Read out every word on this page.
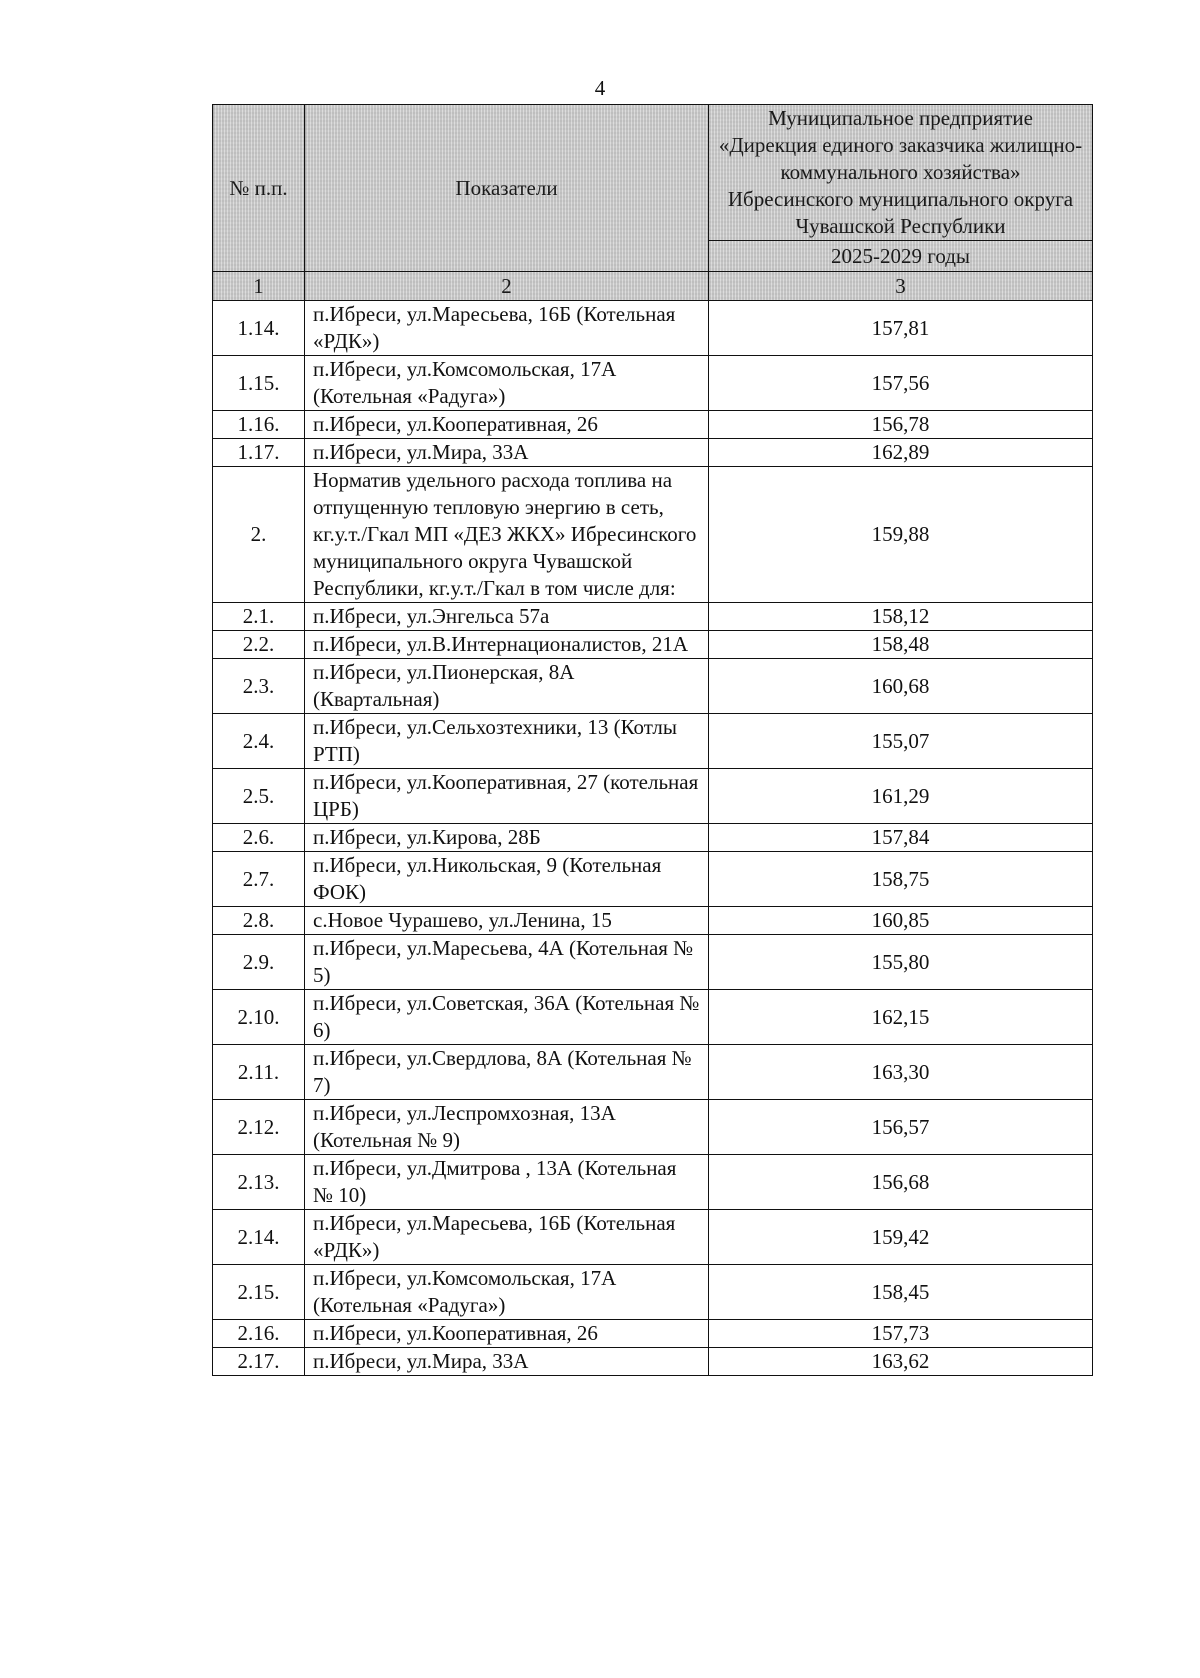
4
№ п.п.	Показатели	Муниципальное предприятие «Дирекция единого заказчика жилищно-коммунального хозяйства» Ибресинского муниципального округа Чувашской Республики
		2025-2029 годы
1	2	3
1.14.	п.Ибреси, ул.Маресьева, 16Б (Котельная «РДК»)	157,81
1.15.	п.Ибреси, ул.Комсомольская, 17А (Котельная «Радуга»)	157,56
1.16.	п.Ибреси, ул.Кооперативная, 26	156,78
1.17.	п.Ибреси, ул.Мира, 33А	162,89
2.	Норматив удельного расхода топлива на отпущенную тепловую энергию в сеть, кг.у.т./Гкал МП «ДЕЗ ЖКХ» Ибресинского муниципального округа Чувашской Республики, кг.у.т./Гкал в том числе для:	159,88
2.1.	п.Ибреси, ул.Энгельса 57а	158,12
2.2.	п.Ибреси, ул.В.Интернационалистов, 21А	158,48
2.3.	п.Ибреси, ул.Пионерская, 8А (Квартальная)	160,68
2.4.	п.Ибреси, ул.Сельхозтехники, 13 (Котлы РТП)	155,07
2.5.	п.Ибреси, ул.Кооперативная, 27 (котельная ЦРБ)	161,29
2.6.	п.Ибреси, ул.Кирова, 28Б	157,84
2.7.	п.Ибреси, ул.Никольская, 9 (Котельная ФОК)	158,75
2.8.	с.Новое Чурашево, ул.Ленина, 15	160,85
2.9.	п.Ибреси, ул.Маресьева, 4А (Котельная № 5)	155,80
2.10.	п.Ибреси, ул.Советская, 36А (Котельная № 6)	162,15
2.11.	п.Ибреси, ул.Свердлова, 8А (Котельная № 7)	163,30
2.12.	п.Ибреси, ул.Леспромхозная, 13А (Котельная № 9)	156,57
2.13.	п.Ибреси, ул.Дмитрова , 13А (Котельная № 10)	156,68
2.14.	п.Ибреси, ул.Маресьева, 16Б (Котельная «РДК»)	159,42
2.15.	п.Ибреси, ул.Комсомольская, 17А (Котельная «Радуга»)	158,45
2.16.	п.Ибреси, ул.Кооперативная, 26	157,73
2.17.	п.Ибреси, ул.Мира, 33А	163,62
